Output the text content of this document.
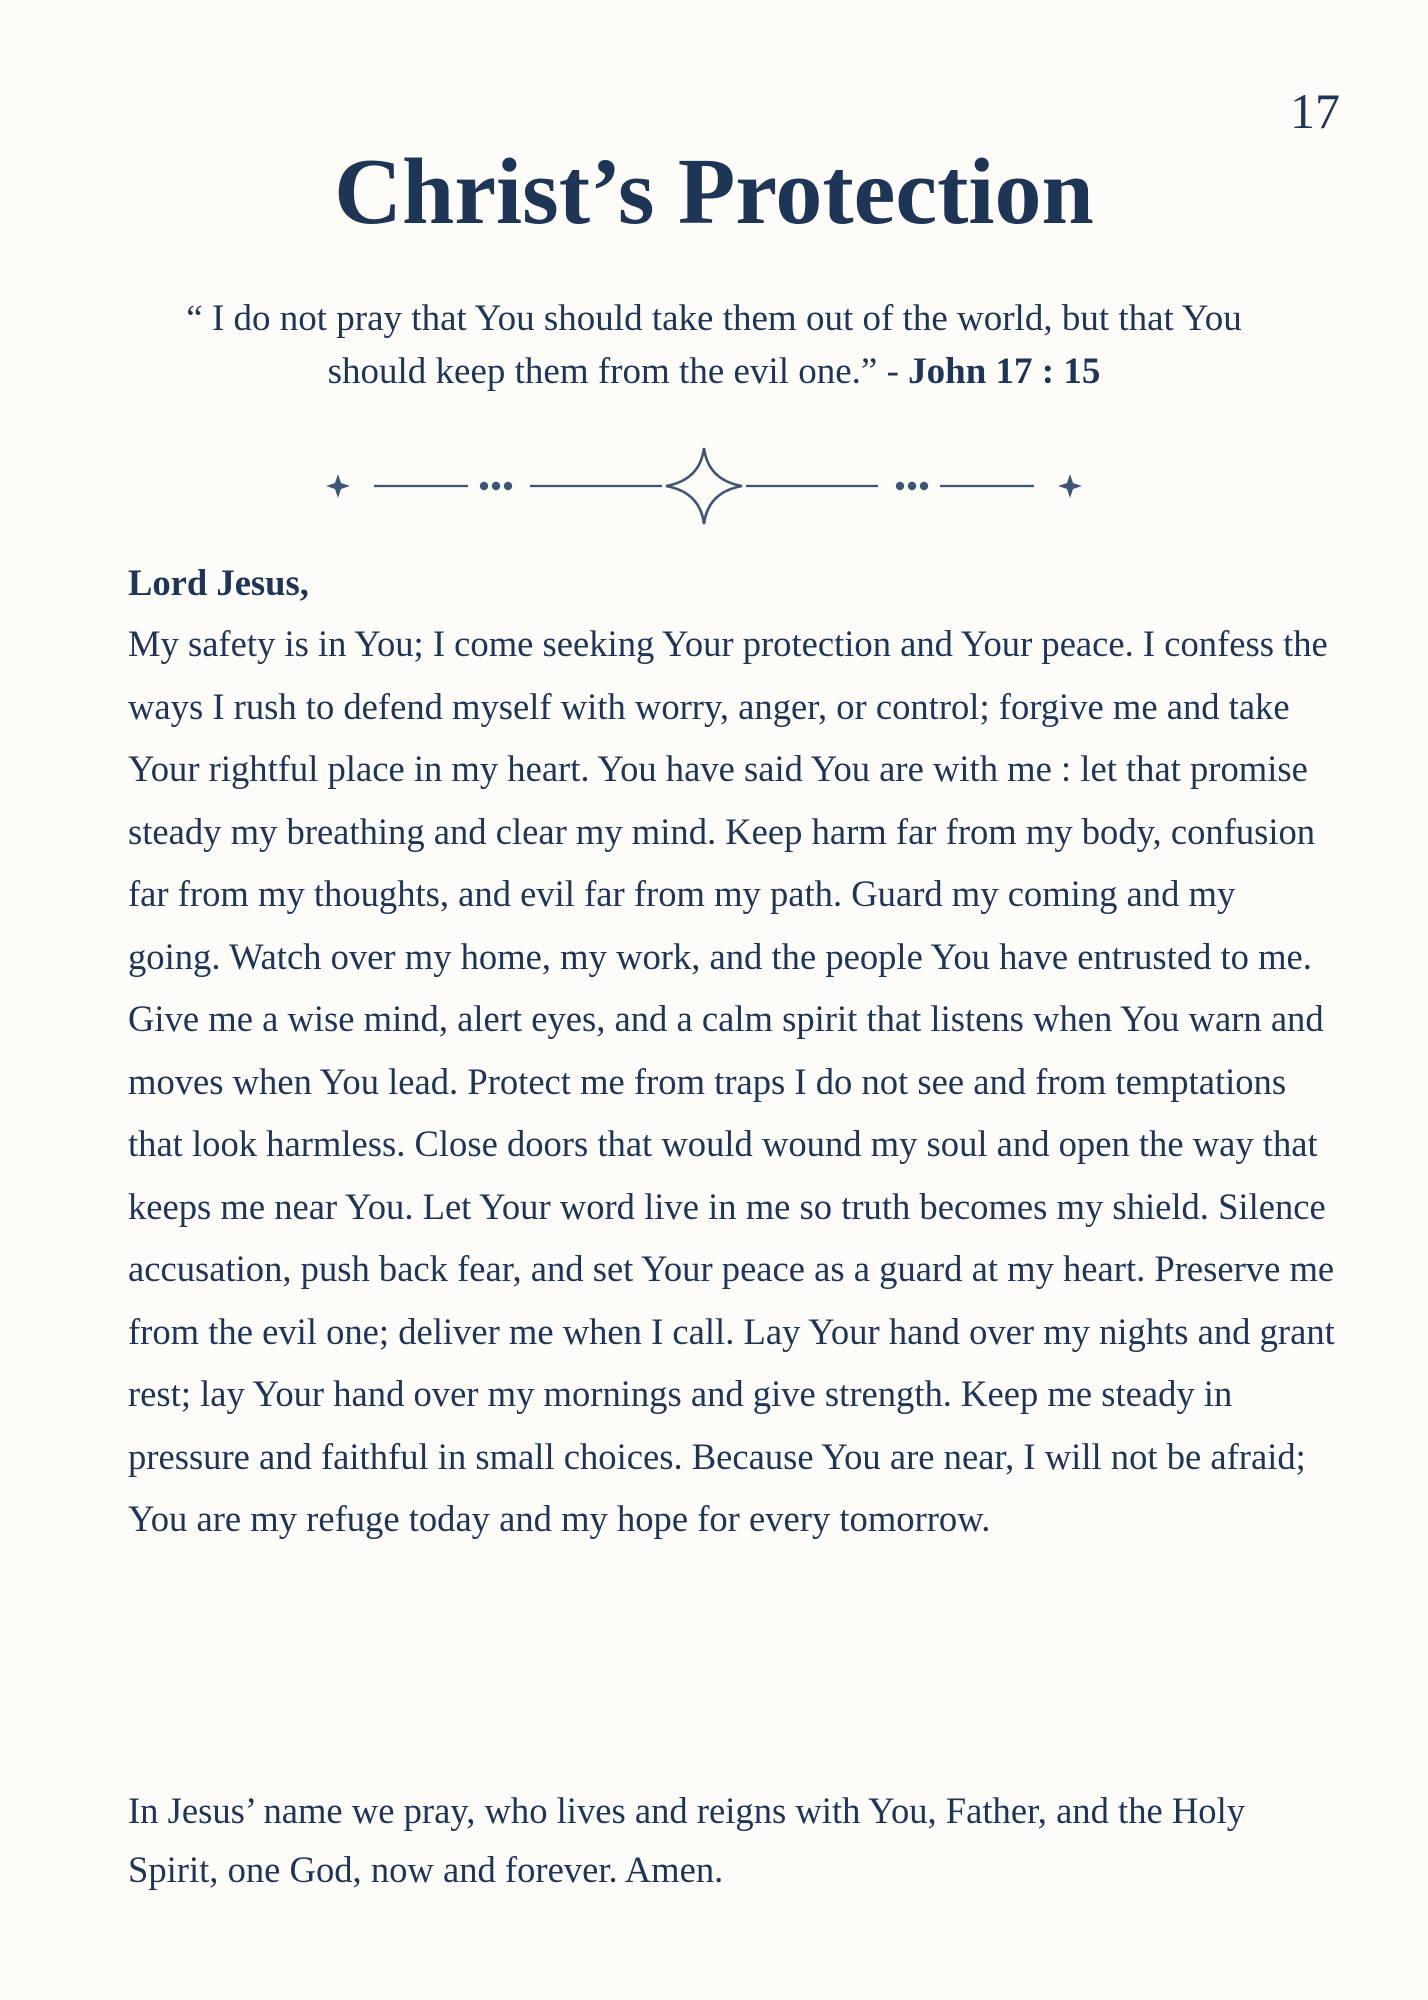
17
Christ’s Protection
“ I do not pray that You should take them out of the world, but that You should keep them from the evil one.” - John 17 : 15
Lord Jesus,
My safety is in You; I come seeking Your protection and Your peace. I confess the ways I rush to defend myself with worry, anger, or control; forgive me and take Your rightful place in my heart. You have said You are with me : let that promise steady my breathing and clear my mind. Keep harm far from my body, confusion far from my thoughts, and evil far from my path. Guard my coming and my going. Watch over my home, my work, and the people You have entrusted to me. Give me a wise mind, alert eyes, and a calm spirit that listens when You warn and moves when You lead. Protect me from traps I do not see and from temptations that look harmless. Close doors that would wound my soul and open the way that keeps me near You. Let Your word live in me so truth becomes my shield. Silence accusation, push back fear, and set Your peace as a guard at my heart. Preserve me from the evil one; deliver me when I call. Lay Your hand over my nights and grant rest; lay Your hand over my mornings and give strength. Keep me steady in pressure and faithful in small choices. Because You are near, I will not be afraid; You are my refuge today and my hope for every tomorrow.
In Jesus’ name we pray, who lives and reigns with You, Father, and the Holy Spirit, one God, now and forever. Amen.
